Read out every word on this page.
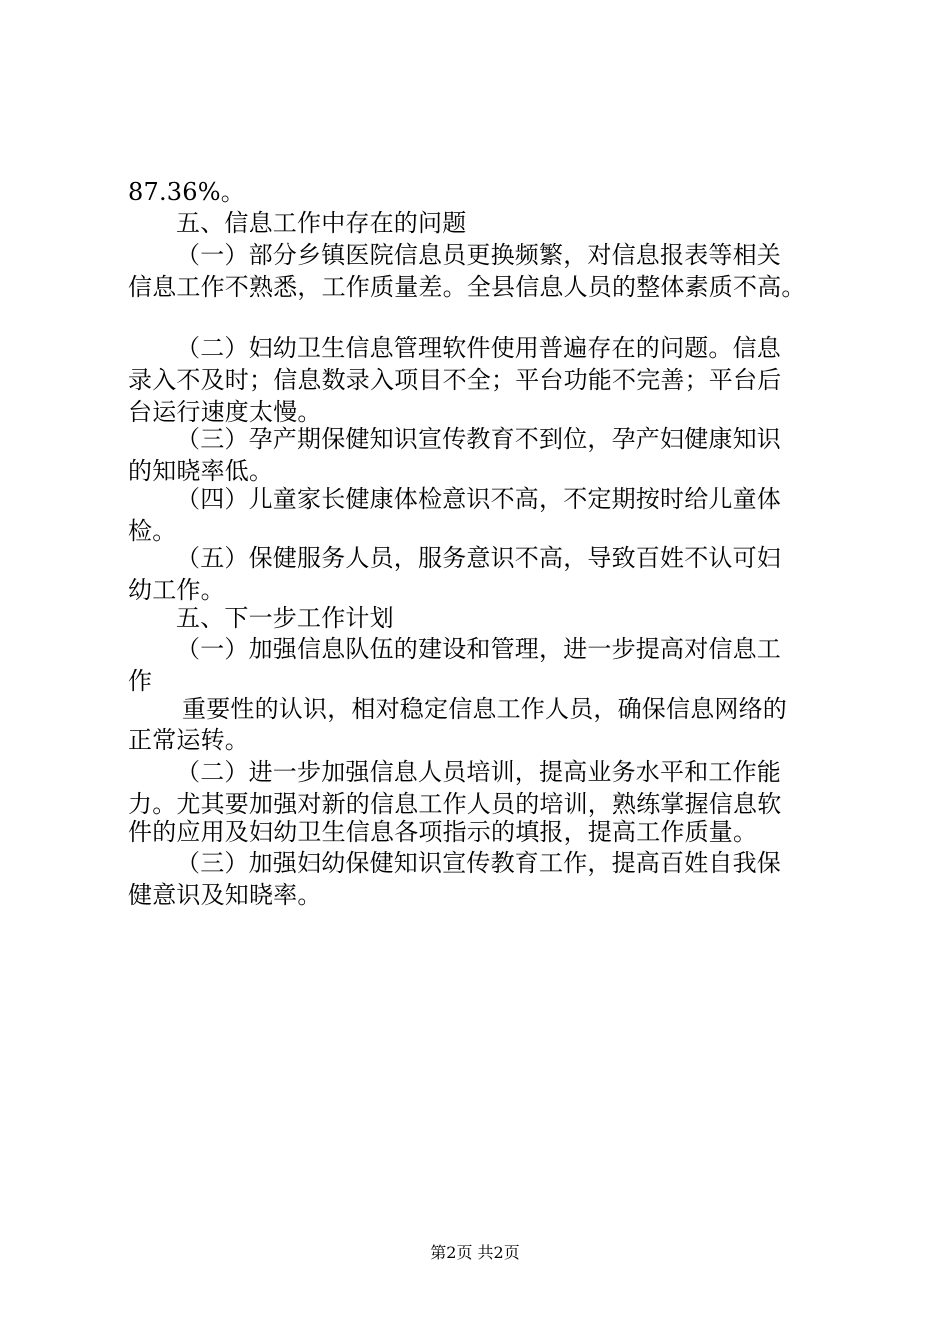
87.36%。
五、信息工作中存在的问题
（一）部分乡镇医院信息员更换频繁，对信息报表等相关
信息工作不熟悉，工作质量差。全县信息人员的整体素质不高。
（二）妇幼卫生信息管理软件使用普遍存在的问题。信息
录入不及时；信息数录入项目不全；平台功能不完善；平台后
台运行速度太慢。
（三）孕产期保健知识宣传教育不到位，孕产妇健康知识
的知晓率低。
（四）儿童家长健康体检意识不高，不定期按时给儿童体
检。
（五）保健服务人员，服务意识不高，导致百姓不认可妇
幼工作。
五、下一步工作计划
（一）加强信息队伍的建设和管理，进一步提高对信息工
作
重要性的认识，相对稳定信息工作人员，确保信息网络的
正常运转。
（二）进一步加强信息人员培训，提高业务水平和工作能
力。尤其要加强对新的信息工作人员的培训，熟练掌握信息软
件的应用及妇幼卫生信息各项指示的填报，提高工作质量。
（三）加强妇幼保健知识宣传教育工作，提高百姓自我保
健意识及知晓率。
第2页 共2页
